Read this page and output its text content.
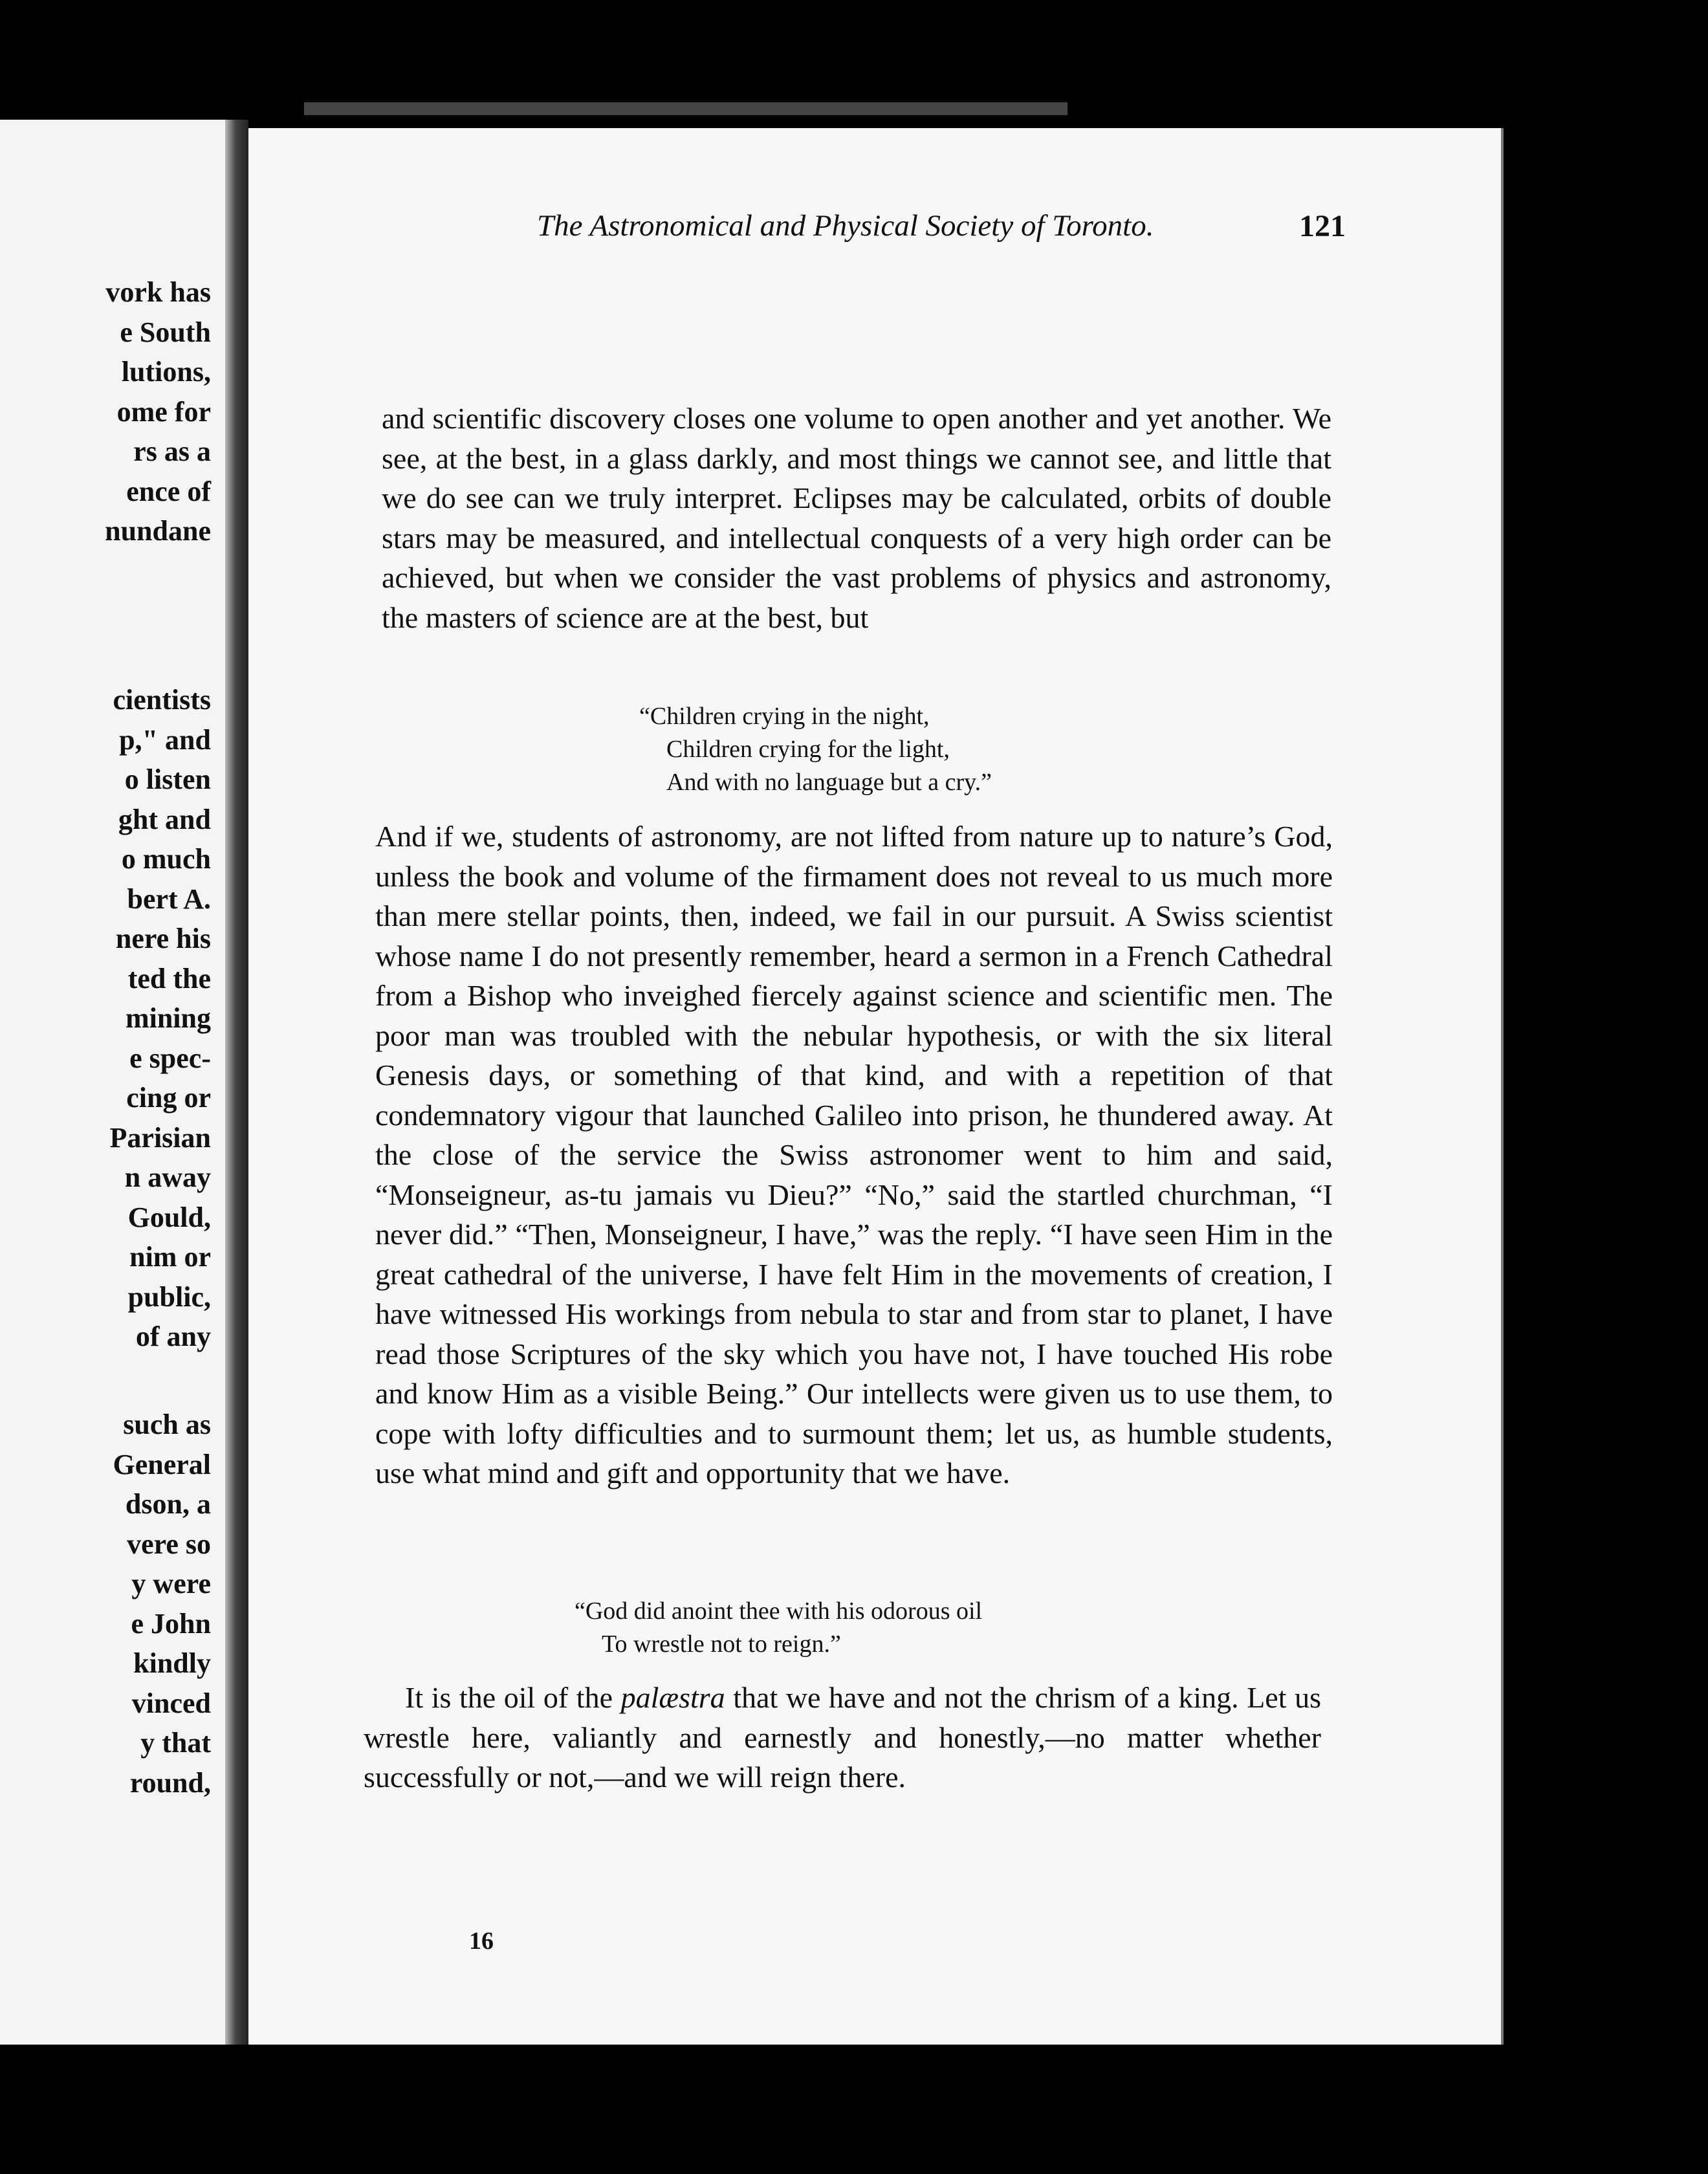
vork has
e South
lutions,
ome for
rs as a
ence of
nundane
cientists
p," and
o listen
ght and
o much
bert A.
nere his
ted the
mining
e spec-
cing or
Parisian
n away
Gould,
nim or
public,
of any
such as
General
dson, a
vere so
y were
e John
kindly
vinced
y that
round,
The Astronomical and Physical Society of Toronto.	121

and scientific discovery closes one volume to open another and yet another. We see, at the best, in a glass darkly, and most things we cannot see, and little that we do see can we truly interpret. Eclipses may be calculated, orbits of double stars may be measured, and intellectual conquests of a very high order can be achieved, but when we consider the vast problems of physics and astronomy, the masters of science are at the best, but

“Children crying in the night,
Children crying for the light,
And with no language but a cry.”

And if we, students of astronomy, are not lifted from nature up to nature’s God, unless the book and volume of the firmament does not reveal to us much more than mere stellar points, then, indeed, we fail in our pursuit. A Swiss scientist whose name I do not presently remember, heard a sermon in a French Cathedral from a Bishop who inveighed fiercely against science and scientific men. The poor man was troubled with the nebular hypothesis, or with the six literal Genesis days, or something of that kind, and with a repetition of that condemnatory vigour that launched Galileo into prison, he thundered away. At the close of the service the Swiss astronomer went to him and said, “Monseigneur, as-tu jamais vu Dieu?” “No,” said the startled churchman, “I never did.” “Then, Monseigneur, I have,” was the reply. “I have seen Him in the great cathedral of the universe, I have felt Him in the movements of creation, I have witnessed His workings from nebula to star and from star to planet, I have read those Scriptures of the sky which you have not, I have touched His robe and know Him as a visible Being.” Our intellects were given us to use them, to cope with lofty difficulties and to surmount them; let us, as humble students, use what mind and gift and opportunity that we have.

“God did anoint thee with his odorous oil
To wrestle not to reign.”

It is the oil of the palæstra that we have and not the chrism of a king. Let us wrestle here, valiantly and earnestly and honestly,—no matter whether successfully or not,—and we will reign there.

16
